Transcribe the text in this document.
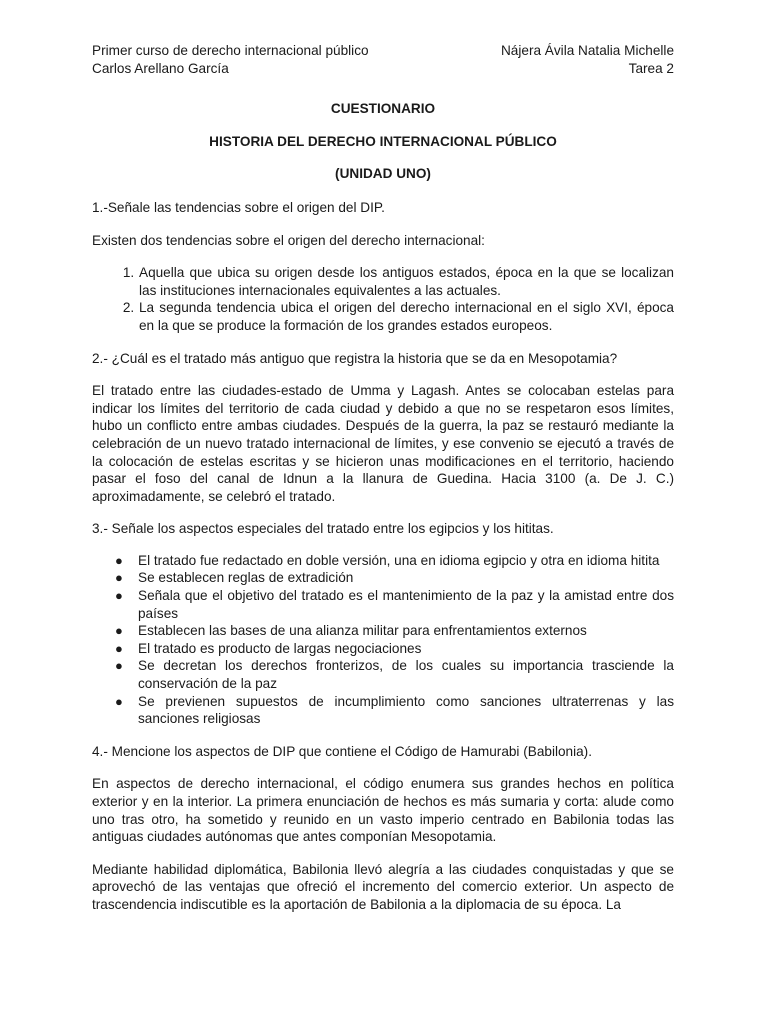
Primer curso de derecho internacional público	Nájera Ávila Natalia Michelle
Carlos Arellano García	Tarea 2
CUESTIONARIO
HISTORIA DEL DERECHO INTERNACIONAL PÚBLICO
(UNIDAD UNO)

1.-Señale las tendencias sobre el origen del DIP.

Existen dos tendencias sobre el origen del derecho internacional:

1. Aquella que ubica su origen desde los antiguos estados, época en la que se localizan las instituciones internacionales equivalentes a las actuales.
2. La segunda tendencia ubica el origen del derecho internacional en el siglo XVI, época en la que se produce la formación de los grandes estados europeos.

2.- ¿Cuál es el tratado más antiguo que registra la historia que se da en Mesopotamia?

El tratado entre las ciudades-estado de Umma y Lagash. Antes se colocaban estelas para indicar los límites del territorio de cada ciudad y debido a que no se respetaron esos límites, hubo un conflicto entre ambas ciudades. Después de la guerra, la paz se restauró mediante la celebración de un nuevo tratado internacional de límites, y ese convenio se ejecutó a través de la colocación de estelas escritas y se hicieron unas modificaciones en el territorio, haciendo pasar el foso del canal de Idnun a la llanura de Guedina. Hacia 3100 (a. De J. C.) aproximadamente, se celebró el tratado.

3.- Señale los aspectos especiales del tratado entre los egipcios y los hititas.

● El tratado fue redactado en doble versión, una en idioma egipcio y otra en idioma hitita
● Se establecen reglas de extradición
● Señala que el objetivo del tratado es el mantenimiento de la paz y la amistad entre dos países
● Establecen las bases de una alianza militar para enfrentamientos externos
● El tratado es producto de largas negociaciones
● Se decretan los derechos fronterizos, de los cuales su importancia trasciende la conservación de la paz
● Se previenen supuestos de incumplimiento como sanciones ultraterrenas y las sanciones religiosas

4.- Mencione los aspectos de DIP que contiene el Código de Hamurabi (Babilonia).

En aspectos de derecho internacional, el código enumera sus grandes hechos en política exterior y en la interior. La primera enunciación de hechos es más sumaria y corta: alude como uno tras otro, ha sometido y reunido en un vasto imperio centrado en Babilonia todas las antiguas ciudades autónomas que antes componían Mesopotamia.

Mediante habilidad diplomática, Babilonia llevó alegría a las ciudades conquistadas y que se aprovechó de las ventajas que ofreció el incremento del comercio exterior. Un aspecto de trascendencia indiscutible es la aportación de Babilonia a la diplomacia de su época. La
